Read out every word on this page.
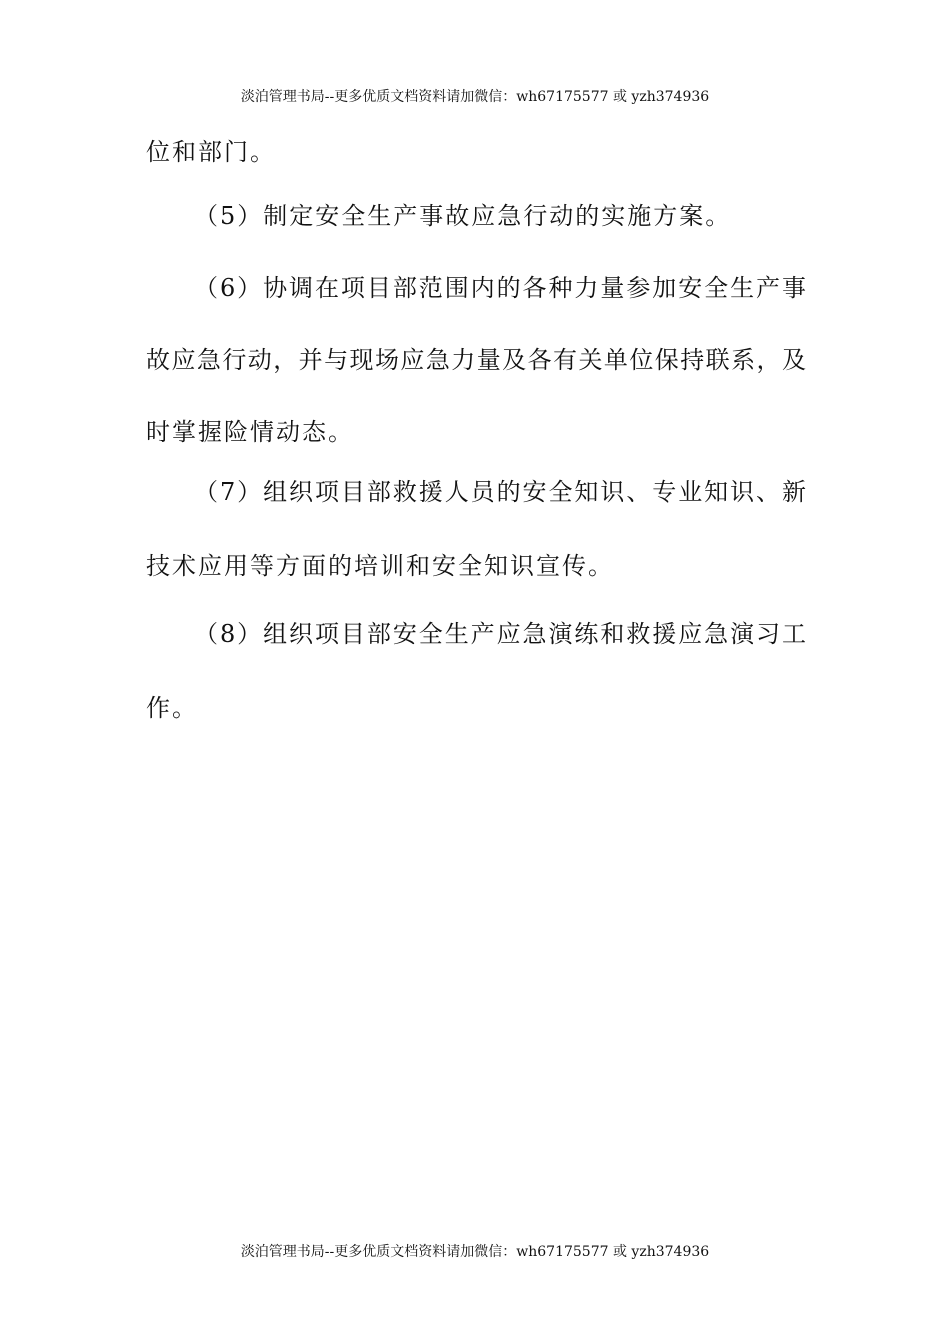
淡泊管理书局--更多优质文档资料请加微信：wh67175577 或 yzh374936
位和部门。
（5）制定安全生产事故应急行动的实施方案。
（6）协调在项目部范围内的各种力量参加安全生产事
故应急行动，并与现场应急力量及各有关单位保持联系，及
时掌握险情动态。
（7）组织项目部救援人员的安全知识、专业知识、新
技术应用等方面的培训和安全知识宣传。
（8）组织项目部安全生产应急演练和救援应急演习工
作。
淡泊管理书局--更多优质文档资料请加微信：wh67175577 或 yzh374936
